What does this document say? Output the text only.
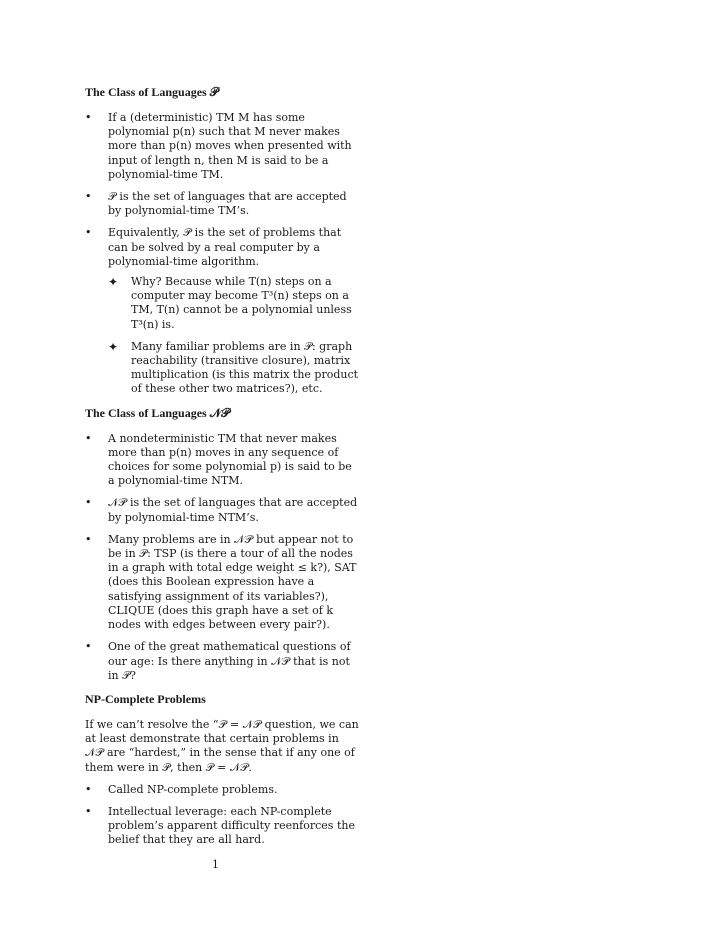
The Class of Languages 𝒫
• If a (deterministic) TM M has some polynomial p(n) such that M never makes more than p(n) moves when presented with input of length n, then M is said to be a polynomial-time TM.
• 𝒫 is the set of languages that are accepted by polynomial-time TM’s.
• Equivalently, 𝒫 is the set of problems that can be solved by a real computer by a polynomial-time algorithm.
✦ Why? Because while T(n) steps on a computer may become T³(n) steps on a TM, T(n) cannot be a polynomial unless T³(n) is.
✦ Many familiar problems are in 𝒫: graph reachability (transitive closure), matrix multiplication (is this matrix the product of these other two matrices?), etc.
The Class of Languages 𝒩𝒫
• A nondeterministic TM that never makes more than p(n) moves in any sequence of choices for some polynomial p) is said to be a polynomial-time NTM.
• 𝒩𝒫 is the set of languages that are accepted by polynomial-time NTM’s.
• Many problems are in 𝒩𝒫 but appear not to be in 𝒫: TSP (is there a tour of all the nodes in a graph with total edge weight ≤ k?), SAT (does this Boolean expression have a satisfying assignment of its variables?), CLIQUE (does this graph have a set of k nodes with edges between every pair?).
• One of the great mathematical questions of our age: Is there anything in 𝒩𝒫 that is not in 𝒫?
NP-Complete Problems

If we can’t resolve the “𝒫 = 𝒩𝒫 question, we can at least demonstrate that certain problems in 𝒩𝒫 are “hardest,” in the sense that if any one of them were in 𝒫, then 𝒫 = 𝒩𝒫.

• Called NP-complete problems.
• Intellectual leverage: each NP-complete problem’s apparent difficulty reenforces the belief that they are all hard.
1
